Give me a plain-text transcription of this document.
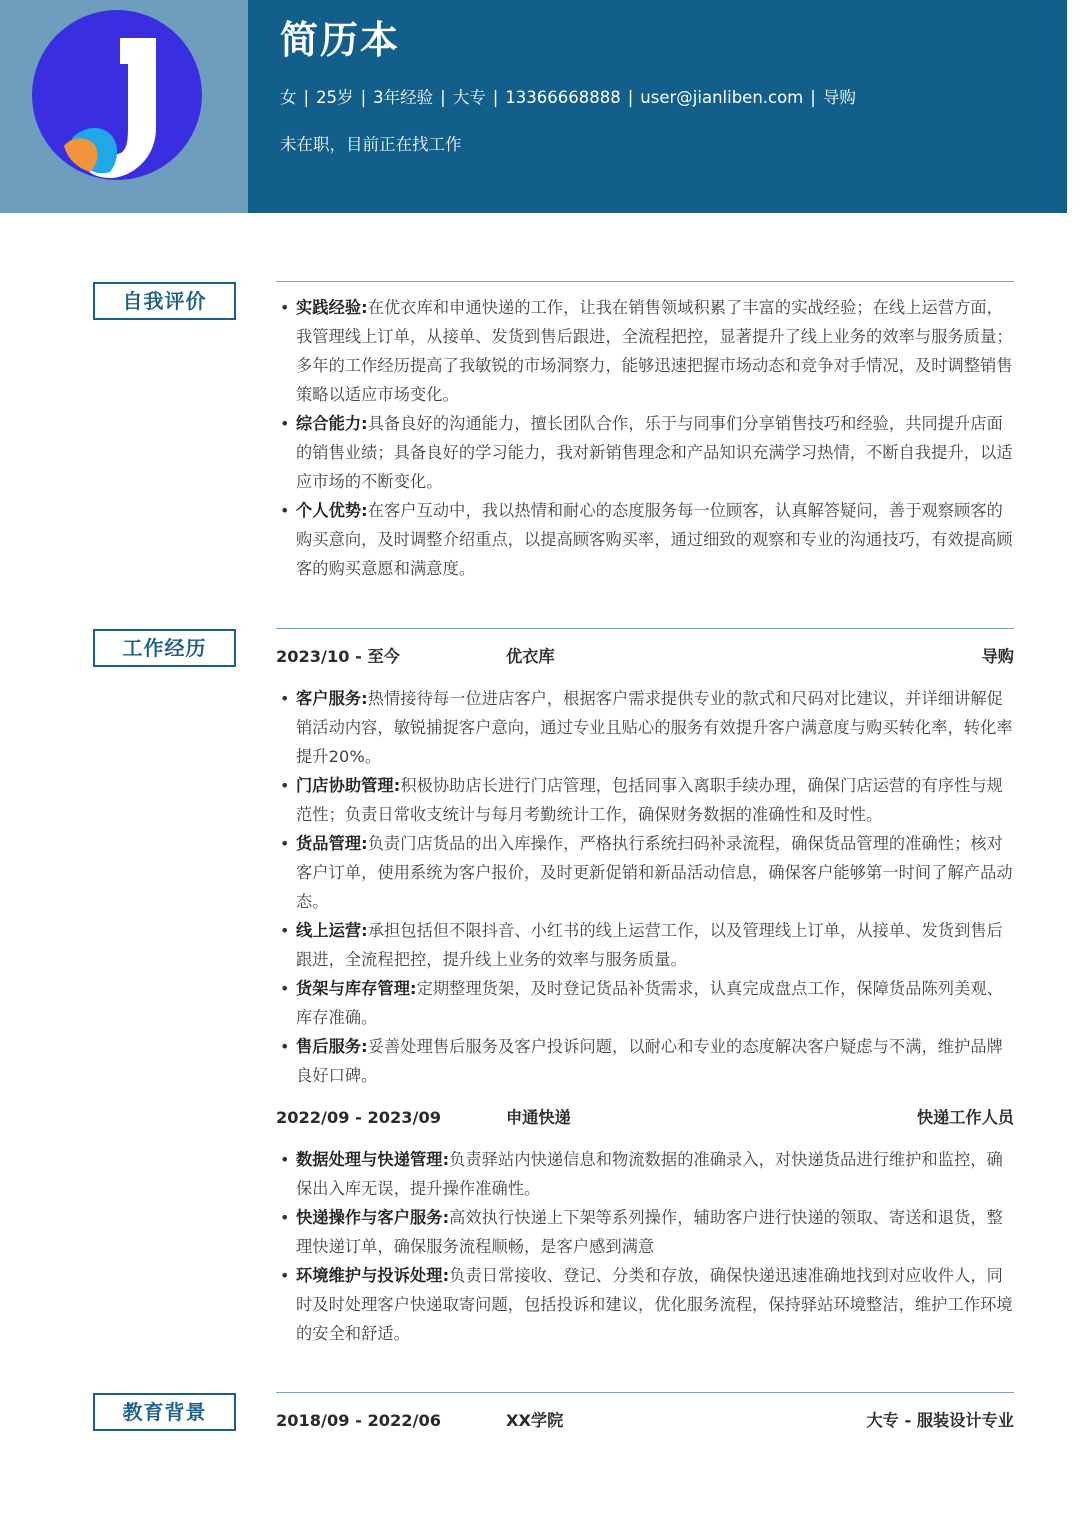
简历本
女 | 25岁 | 3年经验 | 大专 | 13366668888 | user@jianliben.com | 导购
未在职，目前正在找工作
自我评价
•	实践经验:在优衣库和申通快递的工作，让我在销售领域积累了丰富的实战经验；在线上运营方面，我管理线上订单，从接单、发货到售后跟进，全流程把控，显著提升了线上业务的效率与服务质量；多年的工作经历提高了我敏锐的市场洞察力，能够迅速把握市场动态和竞争对手情况，及时调整销售策略以适应市场变化。
• 综合能力:具备良好的沟通能力，擅长团队合作，乐于与同事们分享销售技巧和经验，共同提升店面的销售业绩；具备良好的学习能力，我对新销售理念和产品知识充满学习热情，不断自我提升，以适应市场的不断变化。
• 个人优势:在客户互动中，我以热情和耐心的态度服务每一位顾客，认真解答疑问，善于观察顾客的购买意向，及时调整介绍重点，以提高顾客购买率，通过细致的观察和专业的沟通技巧，有效提高顾客的购买意愿和满意度。
工作经历	2023/10 - 至今	优衣库	导购
• 客户服务:热情接待每一位进店客户，根据客户需求提供专业的款式和尺码对比建议，并详细讲解促销活动内容，敏锐捕捉客户意向，通过专业且贴心的服务有效提升客户满意度与购买转化率，转化率提升20%。
• 门店协助管理:积极协助店长进行门店管理，包括同事入离职手续办理，确保门店运营的有序性与规范性；负责日常收支统计与每月考勤统计工作，确保财务数据的准确性和及时性。
• 货品管理:负责门店货品的出入库操作，严格执行系统扫码补录流程，确保货品管理的准确性；核对客户订单，使用系统为客户报价，及时更新促销和新品活动信息，确保客户能够第一时间了解产品动态。
• 线上运营:承担包括但不限抖音、小红书的线上运营工作，以及管理线上订单，从接单、发货到售后跟进，全流程把控，提升线上业务的效率与服务质量。
• 货架与库存管理:定期整理货架，及时登记货品补货需求，认真完成盘点工作，保障货品陈列美观、库存准确。
• 售后服务:妥善处理售后服务及客户投诉问题，以耐心和专业的态度解决客户疑虑与不满，维护品牌良好口碑。
2022/09 - 2023/09	申通快递	快递工作人员
• 数据处理与快递管理:负责驿站内快递信息和物流数据的准确录入，对快递货品进行维护和监控，确保出入库无误，提升操作准确性。
• 快递操作与客户服务:高效执行快递上下架等系列操作，辅助客户进行快递的领取、寄送和退货，整理快递订单，确保服务流程顺畅，是客户感到满意
• 环境维护与投诉处理:负责日常接收、登记、分类和存放，确保快递迅速准确地找到对应收件人，同时及时处理客户快递取寄问题，包括投诉和建议，优化服务流程，保持驿站环境整洁，维护工作环境的安全和舒适。
教育背景	2018/09 - 2022/06	XX学院	大专 - 服装设计专业
